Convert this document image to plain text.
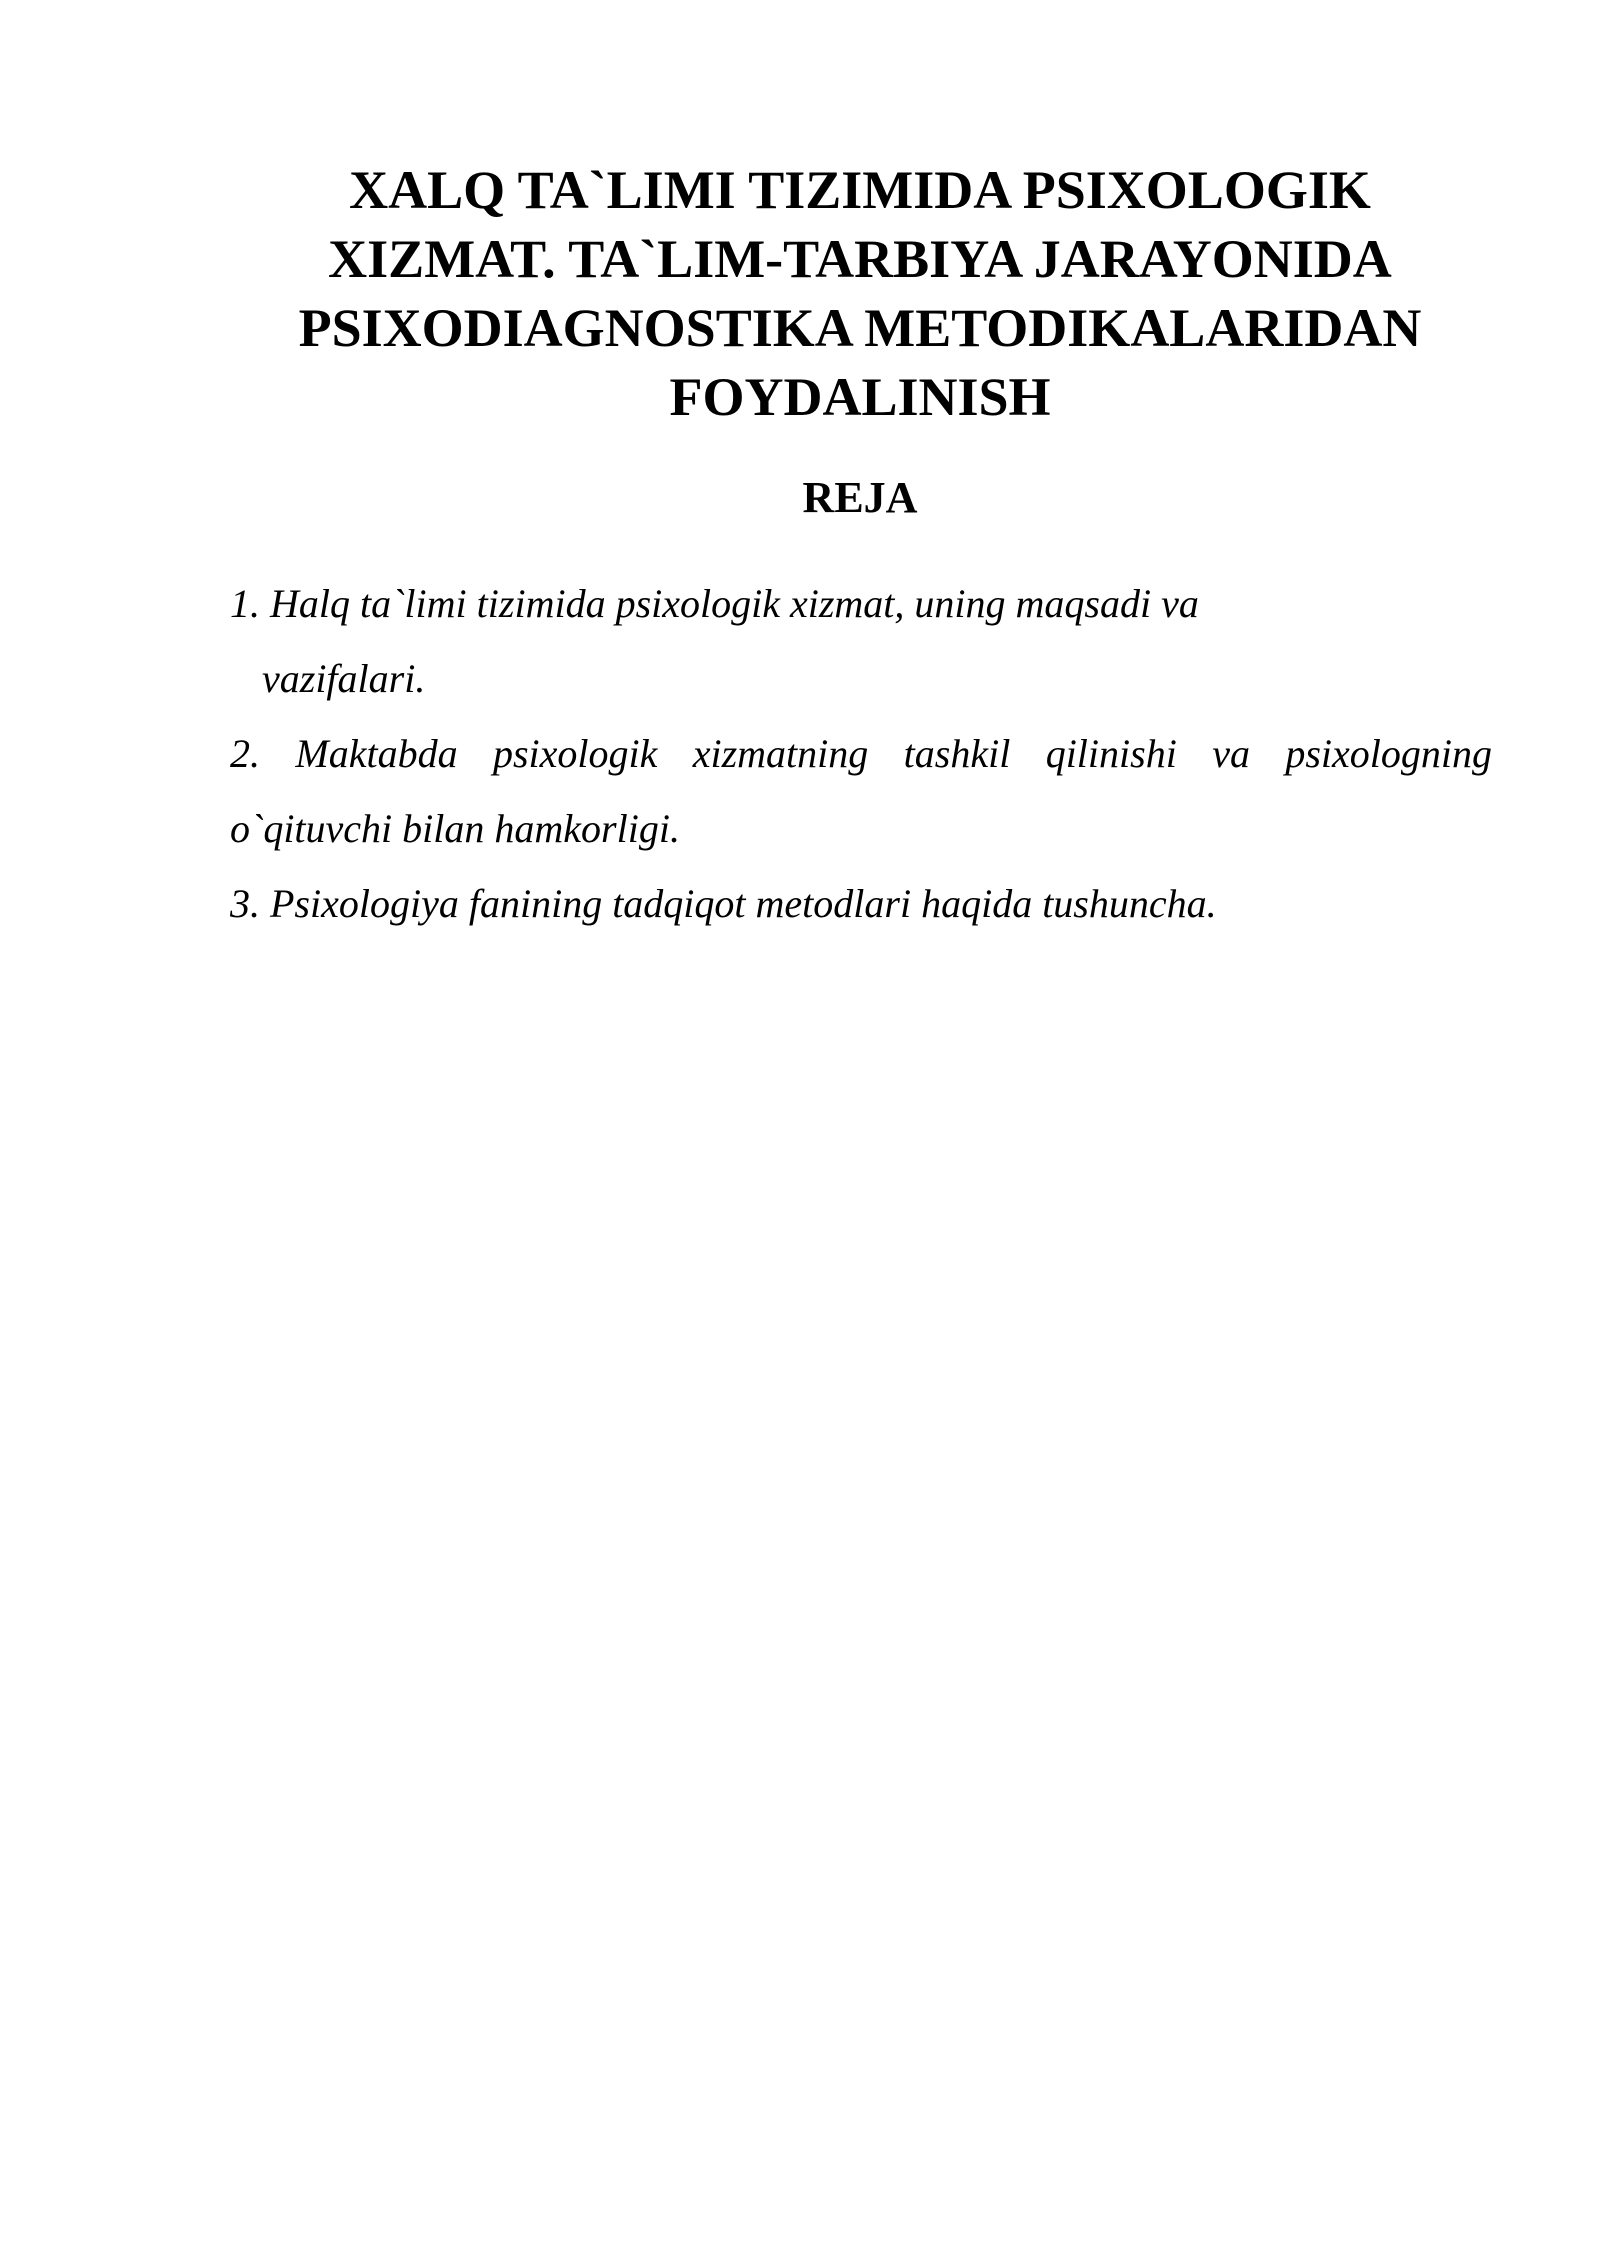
XALQ TA`LIMI TIZIMIDA PSIXOLOGIK
XIZMAT. TA`LIM-TARBIYA JARAYONIDA
PSIXODIAGNOSTIKA METODIKALARIDAN
FOYDALINISH
REJA
1. Halq ta`limi tizimida psixologik xizmat, uning maqsadi va
vazifalari.
2. Maktabda psixologik xizmatning tashkil qilinishi va psixologning
o`qituvchi bilan hamkorligi.
3. Psixologiya fanining tadqiqot metodlari haqida tushuncha.
